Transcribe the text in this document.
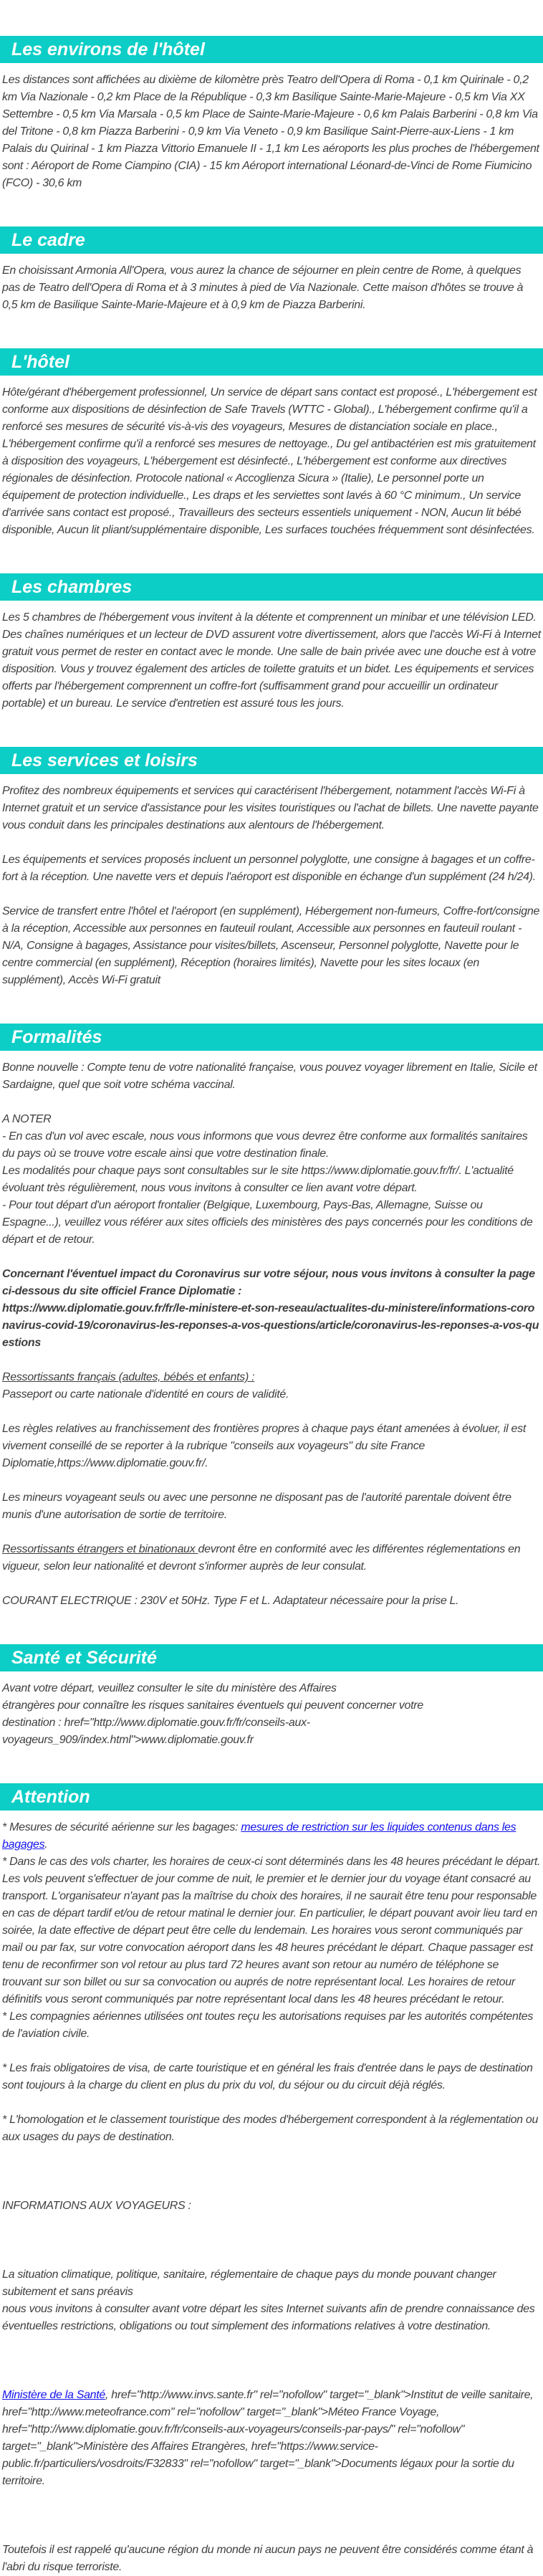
Les environs de l'hôtel

Les distances sont affichées au dixième de kilomètre près Teatro dell'Opera di Roma - 0,1 km Quirinale - 0,2 km Via Nazionale - 0,2 km Place de la République - 0,3 km Basilique Sainte-Marie-Majeure - 0,5 km Via XX Settembre - 0,5 km Via Marsala - 0,5 km Place de Sainte-Marie-Majeure - 0,6 km Palais Barberini - 0,8 km Via del Tritone - 0,8 km Piazza Barberini - 0,9 km Via Veneto - 0,9 km Basilique Saint-Pierre-aux-Liens - 1 km Palais du Quirinal - 1 km Piazza Vittorio Emanuele II - 1,1 km Les aéroports les plus proches de l'hébergement sont : Aéroport de Rome Ciampino (CIA) - 15 km Aéroport international Léonard-de-Vinci de Rome Fiumicino (FCO) - 30,6 km

Le cadre

En choisissant Armonia All'Opera, vous aurez la chance de séjourner en plein centre de Rome, à quelques pas de Teatro dell'Opera di Roma et à 3 minutes à pied de Via Nazionale. Cette maison d'hôtes se trouve à 0,5 km de Basilique Sainte-Marie-Majeure et à 0,9 km de Piazza Barberini.

L'hôtel

Hôte/gérant d'hébergement professionnel, Un service de départ sans contact est proposé., L'hébergement est conforme aux dispositions de désinfection de Safe Travels (WTTC - Global)., L'hébergement confirme qu'il a renforcé ses mesures de sécurité vis-à-vis des voyageurs, Mesures de distanciation sociale en place., L'hébergement confirme qu'il a renforcé ses mesures de nettoyage., Du gel antibactérien est mis gratuitement à disposition des voyageurs, L'hébergement est désinfecté., L'hébergement est conforme aux directives régionales de désinfection. Protocole national « Accoglienza Sicura » (Italie), Le personnel porte un équipement de protection individuelle., Les draps et les serviettes sont lavés à 60 °C minimum., Un service d'arrivée sans contact est proposé., Travailleurs des secteurs essentiels uniquement - NON, Aucun lit bébé disponible, Aucun lit pliant/supplémentaire disponible, Les surfaces touchées fréquemment sont désinfectées.

Les chambres

Les 5 chambres de l'hébergement vous invitent à la détente et comprennent un minibar et une télévision LED. Des chaînes numériques et un lecteur de DVD assurent votre divertissement, alors que l'accès Wi-Fi à Internet gratuit vous permet de rester en contact avec le monde. Une salle de bain privée avec une douche est à votre disposition. Vous y trouvez également des articles de toilette gratuits et un bidet. Les équipements et services offerts par l'hébergement comprennent un coffre-fort (suffisamment grand pour accueillir un ordinateur portable) et un bureau. Le service d'entretien est assuré tous les jours.

Les services et loisirs

Profitez des nombreux équipements et services qui caractérisent l'hébergement, notamment l'accès Wi-Fi à Internet gratuit et un service d'assistance pour les visites touristiques ou l'achat de billets. Une navette payante vous conduit dans les principales destinations aux alentours de l'hébergement.

Les équipements et services proposés incluent un personnel polyglotte, une consigne à bagages et un coffre-fort à la réception. Une navette vers et depuis l'aéroport est disponible en échange d'un supplément (24 h/24).

Service de transfert entre l'hôtel et l'aéroport (en supplément), Hébergement non-fumeurs, Coffre-fort/consigne à la réception, Accessible aux personnes en fauteuil roulant, Accessible aux personnes en fauteuil roulant - N/A, Consigne à bagages, Assistance pour visites/billets, Ascenseur, Personnel polyglotte, Navette pour le centre commercial (en supplément), Réception (horaires limités), Navette pour les sites locaux (en supplément), Accès Wi-Fi gratuit

Formalités

Bonne nouvelle : Compte tenu de votre nationalité française, vous pouvez voyager librement en Italie, Sicile et Sardaigne, quel que soit votre schéma vaccinal.

A NOTER
- En cas d'un vol avec escale, nous vous informons que vous devrez être conforme aux formalités sanitaires du pays où se trouve votre escale ainsi que votre destination finale.
Les modalités pour chaque pays sont consultables sur le site https://www.diplomatie.gouv.fr/fr/. L'actualité évoluant très régulièrement, nous vous invitons à consulter ce lien avant votre départ.
- Pour tout départ d'un aéroport frontalier (Belgique, Luxembourg, Pays-Bas, Allemagne, Suisse ou Espagne...), veuillez vous référer aux sites officiels des ministères des pays concernés pour les conditions de départ et de retour.
Concernant l'éventuel impact du Coronavirus sur votre séjour, nous vous invitons à consulter la page ci-dessous du site officiel France Diplomatie :
https://www.diplomatie.gouv.fr/fr/le-ministere-et-son-reseau/actualites-du-ministere/informations-coronavirus-covid-19/coronavirus-les-reponses-a-vos-questions/article/coronavirus-les-reponses-a-vos-questions
Ressortissants français (adultes, bébés et enfants) :
Passeport ou carte nationale d'identité en cours de validité.

Les règles relatives au franchissement des frontières propres à chaque pays étant amenées à évoluer, il est vivement conseillé de se reporter à la rubrique "conseils aux voyageurs" du site France Diplomatie,https://www.diplomatie.gouv.fr/.

Les mineurs voyageant seuls ou avec une personne ne disposant pas de l'autorité parentale doivent être munis d'une autorisation de sortie de territoire.

Ressortissants étrangers et binationaux devront être en conformité avec les différentes réglementations en vigueur, selon leur nationalité et devront s'informer auprès de leur consulat.

COURANT ELECTRIQUE : 230V et 50Hz. Type F et L. Adaptateur nécessaire pour la prise L.

Santé et Sécurité
Avant votre départ, veuillez consulter le site du ministère des Affaires
étrangères pour connaître les risques sanitaires éventuels qui peuvent concerner votre
destination : href="http://www.diplomatie.gouv.fr/fr/conseils-aux-voyageurs_909/index.html">www.diplomatie.gouv.fr
Attention

* Mesures de sécurité aérienne sur les bagages: mesures de restriction sur les liquides contenus dans les bagages.

* Dans le cas des vols charter, les horaires de ceux-ci sont déterminés dans les 48 heures précédant le départ. Les vols peuvent s'effectuer de jour comme de nuit, le premier et le dernier jour du voyage étant consacré au transport. L'organisateur n'ayant pas la maîtrise du choix des horaires, il ne saurait être tenu pour responsable en cas de départ tardif et/ou de retour matinal le dernier jour. En particulier, le départ pouvant avoir lieu tard en soirée, la date effective de départ peut être celle du lendemain. Les horaires vous seront communiqués par mail ou par fax, sur votre convocation aéroport dans les 48 heures précédant le départ. Chaque passager est tenu de reconfirmer son vol retour au plus tard 72 heures avant son retour au numéro de téléphone se trouvant sur son billet ou sur sa convocation ou auprés de notre représentant local. Les horaires de retour définitifs vous seront communiqués par notre représentant local dans les 48 heures précédant le retour.

* Les compagnies aériennes utilisées ont toutes reçu les autorisations requises par les autorités compétentes de l'aviation civile.

* Les frais obligatoires de visa, de carte touristique et en général les frais d'entrée dans le pays de destination sont toujours à la charge du client en plus du prix du vol, du séjour ou du circuit déjà réglés.

* L'homologation et le classement touristique des modes d'hébergement correspondent à la réglementation ou aux usages du pays de destination.

INFORMATIONS AUX VOYAGEURS :

La situation climatique, politique, sanitaire, réglementaire de chaque pays du monde pouvant changer subitement et sans préavis
nous vous invitons à consulter avant votre départ les sites Internet suivants afin de prendre connaissance des éventuelles restrictions, obligations ou tout simplement des informations relatives à votre destination.

Ministère de la Santé, href="http://www.invs.sante.fr" rel="nofollow" target="_blank">Institut de veille sanitaire, href="http://www.meteofrance.com" rel="nofollow" target="_blank">Méteo France Voyage, href="http://www.diplomatie.gouv.fr/fr/conseils-aux-voyageurs/conseils-par-pays/" rel="nofollow" target="_blank">Ministère des Affaires Etrangères, href="https://www.service-public.fr/particuliers/vosdroits/F32833" rel="nofollow" target="_blank">Documents légaux pour la sortie du territoire.

Toutefois il est rappelé qu'aucune région du monde ni aucun pays ne peuvent être considérés comme étant à l'abri du risque terroriste.
